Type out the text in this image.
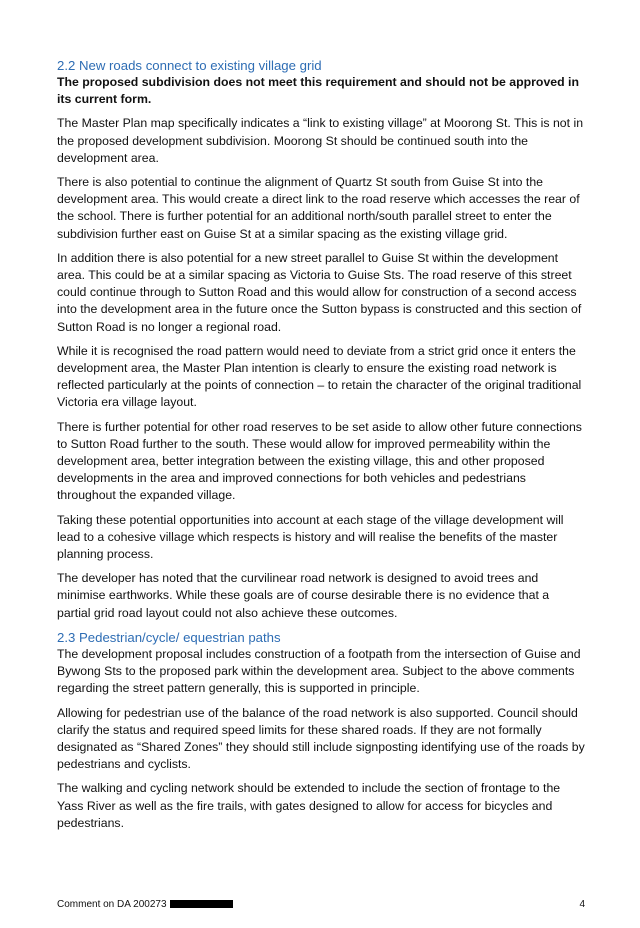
2.2 New roads connect to existing village grid

The proposed subdivision does not meet this requirement and should not be approved in its current form.

The Master Plan map specifically indicates a “link to existing village” at Moorong St. This is not in the proposed development subdivision. Moorong St should be continued south into the development area.

There is also potential to continue the alignment of Quartz St south from Guise St into the development area. This would create a direct link to the road reserve which accesses the rear of the school. There is further potential for an additional north/south parallel street to enter the subdivision further east on Guise St at a similar spacing as the existing village grid.

In addition there is also potential for a new street parallel to Guise St within the development area. This could be at a similar spacing as Victoria to Guise Sts. The road reserve of this street could continue through to Sutton Road and this would allow for construction of a second access into the development area in the future once the Sutton bypass is constructed and this section of Sutton Road is no longer a regional road.

While it is recognised the road pattern would need to deviate from a strict grid once it enters the development area, the Master Plan intention is clearly to ensure the existing road network is reflected particularly at the points of connection – to retain the character of the original traditional Victoria era village layout.

There is further potential for other road reserves to be set aside to allow other future connections to Sutton Road further to the south. These would allow for improved permeability within the development area, better integration between the existing village, this and other proposed developments in the area and improved connections for both vehicles and pedestrians throughout the expanded village.

Taking these potential opportunities into account at each stage of the village development will lead to a cohesive village which respects is history and will realise the benefits of the master planning process.

The developer has noted that the curvilinear road network is designed to avoid trees and minimise earthworks. While these goals are of course desirable there is no evidence that a partial grid road layout could not also achieve these outcomes.

2.3 Pedestrian/cycle/ equestrian paths

The development proposal includes construction of a footpath from the intersection of Guise and Bywong Sts to the proposed park within the development area. Subject to the above comments regarding the street pattern generally, this is supported in principle.

Allowing for pedestrian use of the balance of the road network is also supported. Council should clarify the status and required speed limits for these shared roads. If they are not formally designated as “Shared Zones” they should still include signposting identifying use of the roads by pedestrians and cyclists.

The walking and cycling network should be extended to include the section of frontage to the Yass River as well as the fire trails, with gates designed to allow for access for bicycles and pedestrians.

Comment on DA 200273	4
